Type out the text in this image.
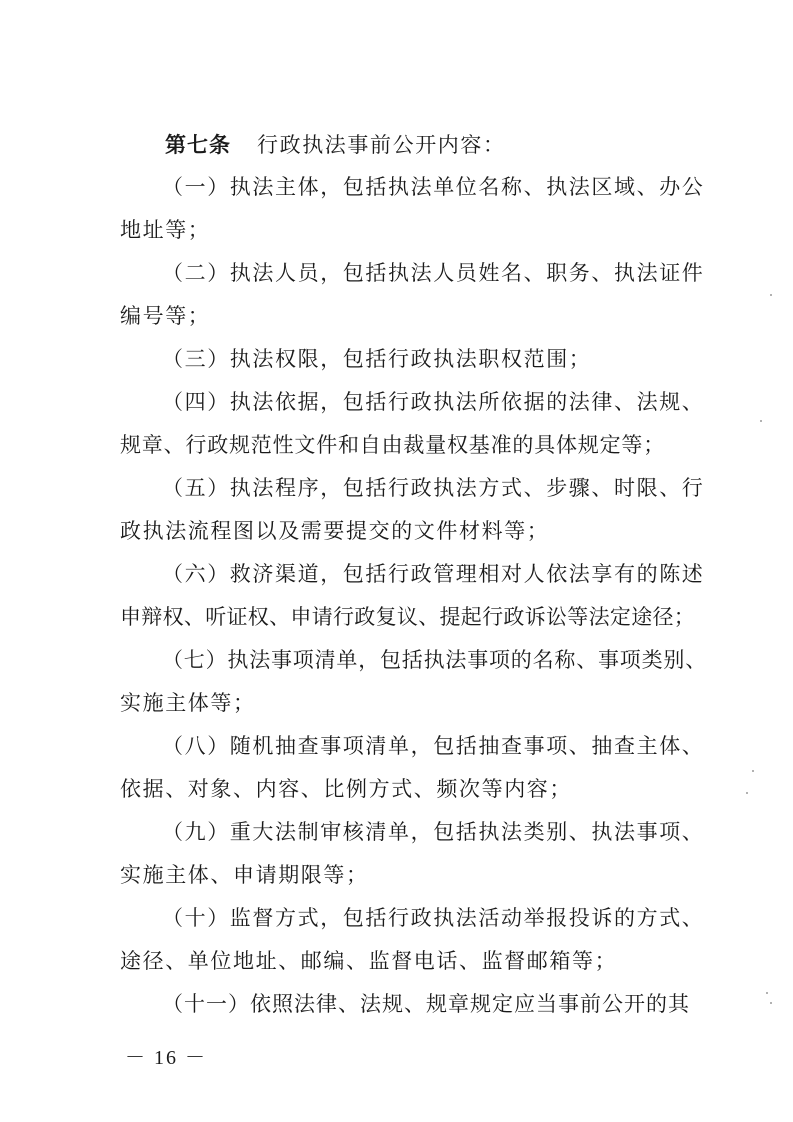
第七条 行政执法事前公开内容：
（一）执法主体，包括执法单位名称、执法区域、办公
地址等；
（二）执法人员，包括执法人员姓名、职务、执法证件
编号等；
（三）执法权限，包括行政执法职权范围；
（四）执法依据，包括行政执法所依据的法律、法规、
规章、行政规范性文件和自由裁量权基准的具体规定等；
（五）执法程序，包括行政执法方式、步骤、时限、行
政执法流程图以及需要提交的文件材料等；
（六）救济渠道，包括行政管理相对人依法享有的陈述
申辩权、听证权、申请行政复议、提起行政诉讼等法定途径；
（七）执法事项清单，包括执法事项的名称、事项类别、
实施主体等；
（八）随机抽查事项清单，包括抽查事项、抽查主体、
依据、对象、内容、比例方式、频次等内容；
（九）重大法制审核清单，包括执法类别、执法事项、
实施主体、申请期限等；
（十）监督方式，包括行政执法活动举报投诉的方式、
途径、单位地址、邮编、监督电话、监督邮箱等；
（十一）依照法律、法规、规章规定应当事前公开的其
－ 16 －
